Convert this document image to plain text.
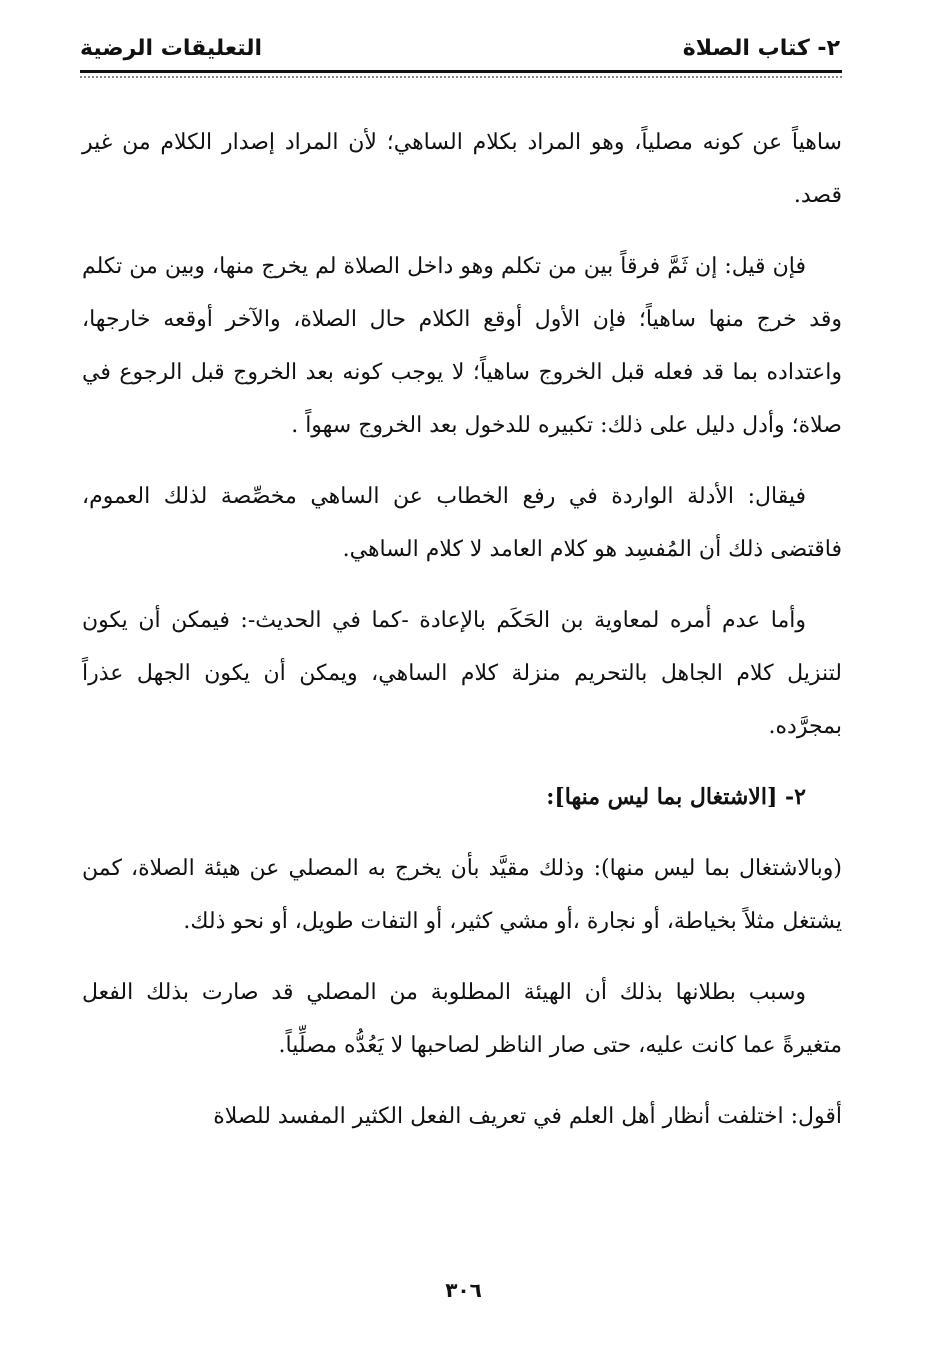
٢- كتاب الصلاة
التعليقات الرضية

ساهياً عن كونه مصلياً، وهو المراد بكلام الساهي؛ لأن المراد إصدار الكلام من غير قصد.

فإن قيل: إن ثَمَّ فرقاً بين من تكلم وهو داخل الصلاة لم يخرج منها، وبين من تكلم وقد خرج منها ساهياً؛ فإن الأول أوقع الكلام حال الصلاة، والآخر أوقعه خارجها، واعتداده بما قد فعله قبل الخروج ساهياً؛ لا يوجب كونه بعد الخروج قبل الرجوع في صلاة؛ وأدل دليل على ذلك: تكبيره للدخول بعد الخروج سهواً .

فيقال: الأدلة الواردة في رفع الخطاب عن الساهي مخصِّصة لذلك العموم، فاقتضى ذلك أن المُفسِد هو كلام العامد لا كلام الساهي.

وأما عدم أمره لمعاوية بن الحَكَم بالإعادة -كما في الحديث-: فيمكن أن يكون لتنزيل كلام الجاهل بالتحريم منزلة كلام الساهي، ويمكن أن يكون الجهل عذراً بمجرَّده.

٢- [الاشتغال بما ليس منها]:

(وبالاشتغال بما ليس منها): وذلك مقيَّد بأن يخرج به المصلي عن هيئة الصلاة، كمن يشتغل مثلاً بخياطة، أو نجارة ،أو مشي كثير، أو التفات طويل، أو نحو ذلك.

وسبب بطلانها بذلك أن الهيئة المطلوبة من المصلي قد صارت بذلك الفعل متغيرةً عما كانت عليه، حتى صار الناظر لصاحبها لا يَعُدُّه مصلِّياً.

أقول: اختلفت أنظار أهل العلم في تعريف الفعل الكثير المفسد للصلاة

٣٠٦
